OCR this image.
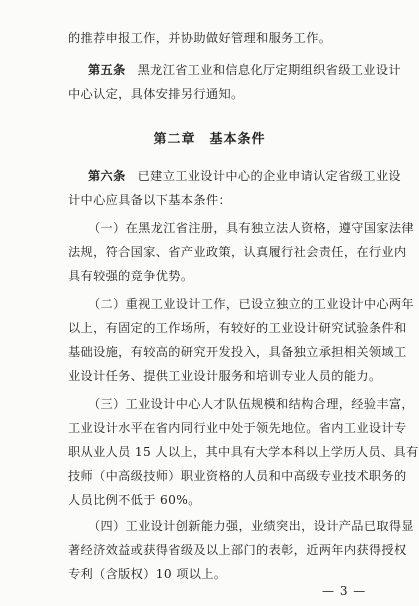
的推荐申报工作，并协助做好管理和服务工作。
第五条 黑龙江省工业和信息化厅定期组织省级工业设计
中心认定，具体安排另行通知。
第二章　基本条件
第六条 已建立工业设计中心的企业申请认定省级工业设
计中心应具备以下基本条件：
（一）在黑龙江省注册，具有独立法人资格，遵守国家法律
法规，符合国家、省产业政策，认真履行社会责任，在行业内
具有较强的竞争优势。
（二）重视工业设计工作，已设立独立的工业设计中心两年
以上，有固定的工作场所，有较好的工业设计研究试验条件和
基础设施，有较高的研究开发投入，具备独立承担相关领域工
业设计任务、提供工业设计服务和培训专业人员的能力。
（三）工业设计中心人才队伍规模和结构合理，经验丰富，
工业设计水平在省内同行业中处于领先地位。省内工业设计专
职从业人员 15 人以上，其中具有大学本科以上学历人员、具有
技师（中高级技师）职业资格的人员和中高级专业技术职务的
人员比例不低于 60%。
（四）工业设计创新能力强，业绩突出，设计产品已取得显
著经济效益或获得省级及以上部门的表彰，近两年内获得授权
专利（含版权）10 项以上。
— 3 —
